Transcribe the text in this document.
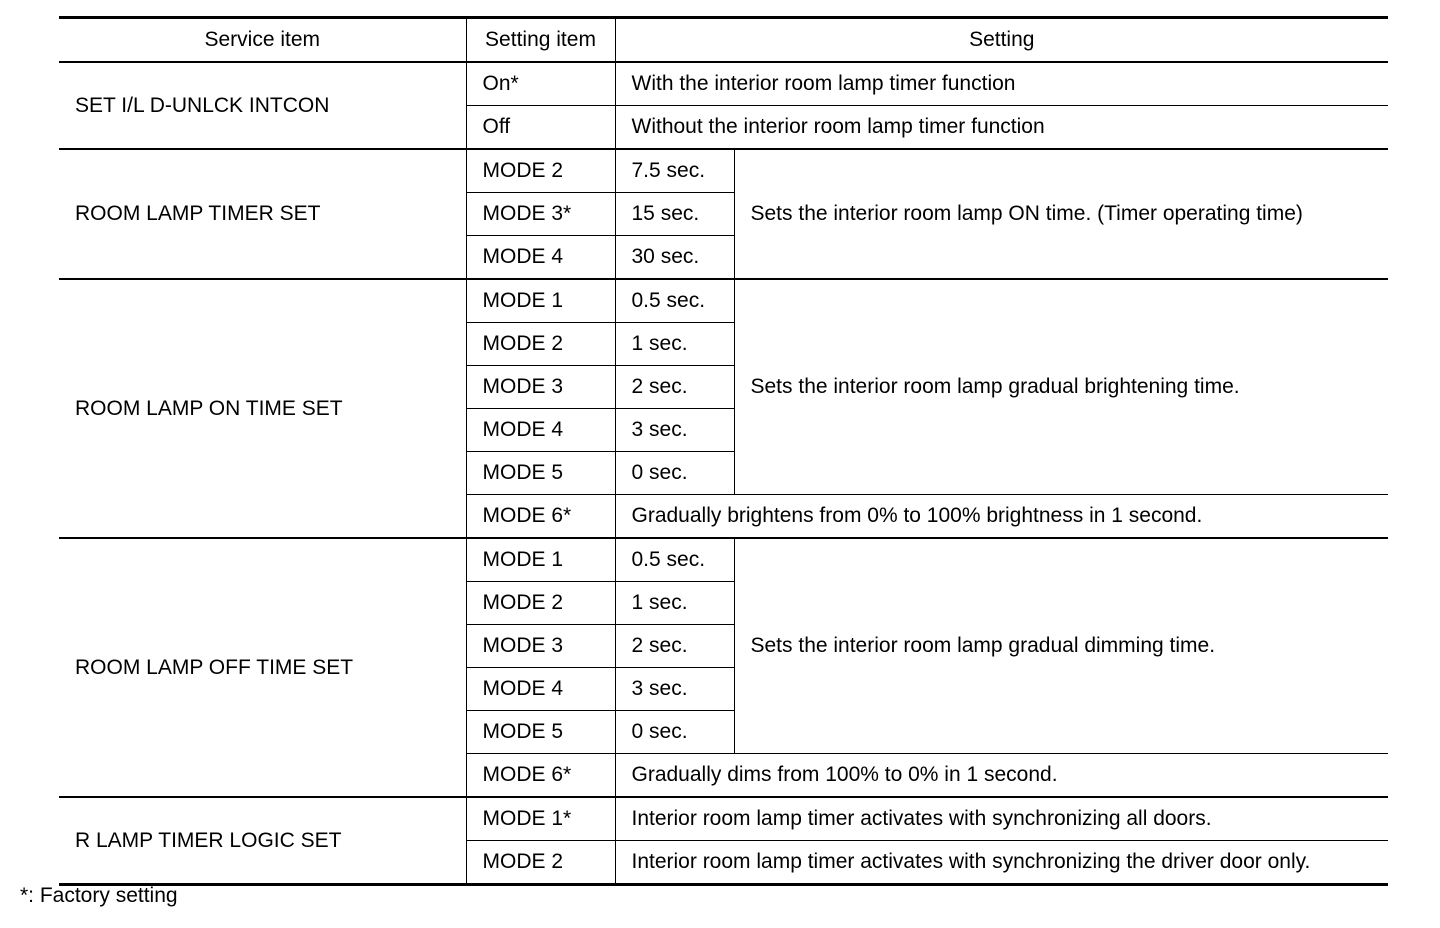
Service item	Setting item	Setting	
SET I/L D-UNLCK INTCON	On*	With the interior room lamp timer function	
	Off	Without the interior room lamp timer function	
ROOM LAMP TIMER SET	MODE 2	7.5 sec.	Sets the interior room lamp ON time. (Timer operating time)
	MODE 3*	15 sec.	
	MODE 4	30 sec.	
ROOM LAMP ON TIME SET	MODE 1	0.5 sec.	Sets the interior room lamp gradual brightening time.
	MODE 2	1 sec.	
	MODE 3	2 sec.	
	MODE 4	3 sec.	
	MODE 5	0 sec.	
	MODE 6*	Gradually brightens from 0% to 100% brightness in 1 second.	
ROOM LAMP OFF TIME SET	MODE 1	0.5 sec.	Sets the interior room lamp gradual dimming time.
	MODE 2	1 sec.	
	MODE 3	2 sec.	
	MODE 4	3 sec.	
	MODE 5	0 sec.	
	MODE 6*	Gradually dims from 100% to 0% in 1 second.	
R LAMP TIMER LOGIC SET	MODE 1*	Interior room lamp timer activates with synchronizing all doors.	
	MODE 2	Interior room lamp timer activates with synchronizing the driver door only.	
*: Factory setting
